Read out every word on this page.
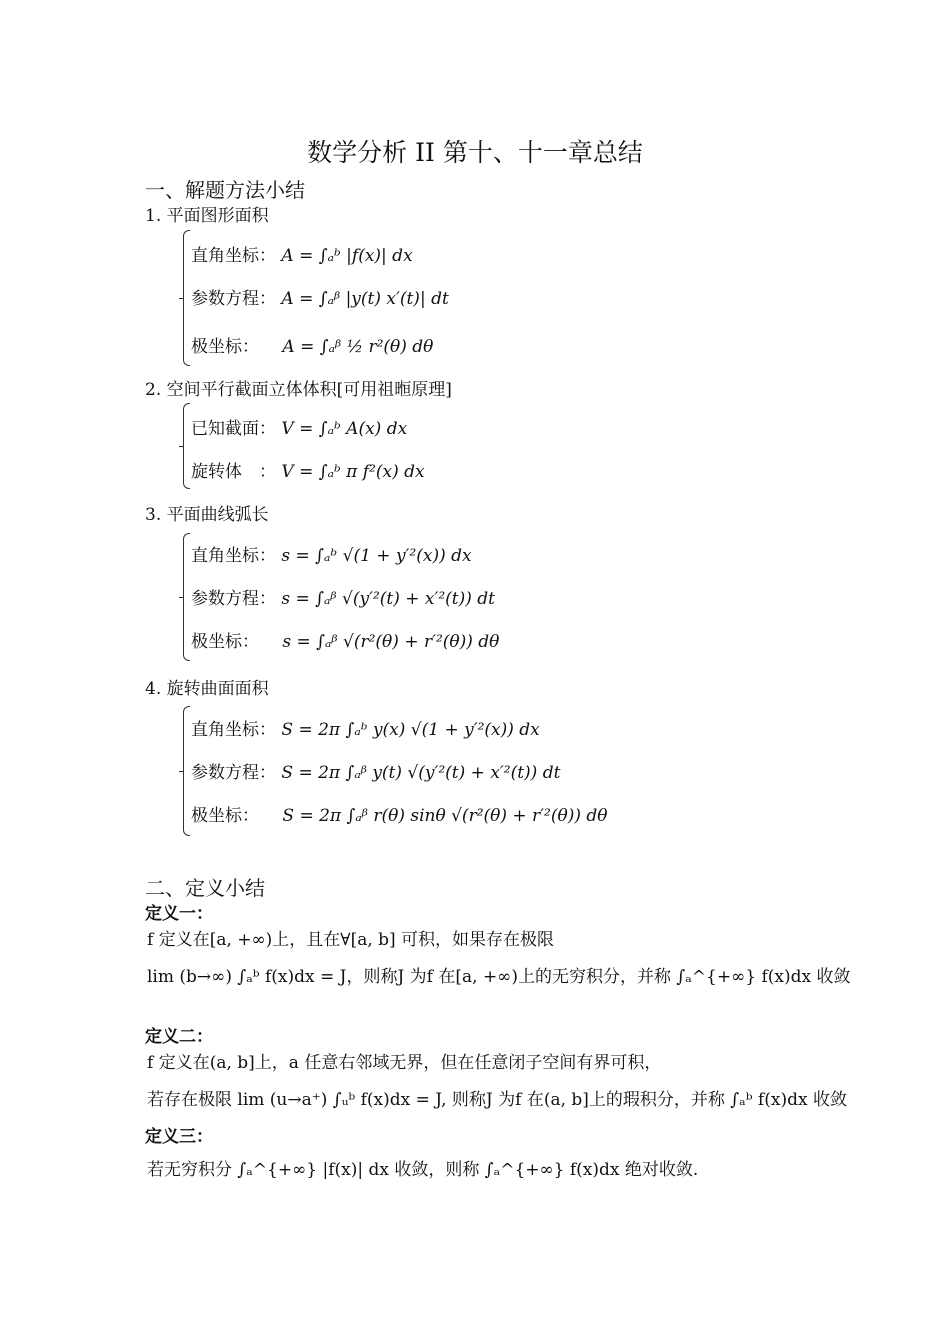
数学分析 II 第十、十一章总结
一、解题方法小结
1. 平面图形面积
直角坐标： A = ∫ₐᵇ |f(x)| dx
参数方程： A = ∫ₐᵝ |y(t) x′(t)| dt
极坐标： A = ∫ₐᵝ ½ r²(θ) dθ
2. 空间平行截面立体体积[可用祖暅原理]
已知截面： V = ∫ₐᵇ A(x) dx
旋转体　： V = ∫ₐᵇ π f²(x) dx
3. 平面曲线弧长
直角坐标： s = ∫ₐᵇ √(1 + y′²(x)) dx
参数方程： s = ∫ₐᵝ √(y′²(t) + x′²(t)) dt
极坐标： s = ∫ₐᵝ √(r²(θ) + r′²(θ)) dθ
4. 旋转曲面面积
直角坐标： S = 2π ∫ₐᵇ y(x) √(1 + y′²(x)) dx
参数方程： S = 2π ∫ₐᵝ y(t) √(y′²(t) + x′²(t)) dt
极坐标： S = 2π ∫ₐᵝ r(θ) sinθ √(r²(θ) + r′²(θ)) dθ
二、定义小结
定义一：
f 定义在[a, +∞)上，且在∀[a, b] 可积，如果存在极限
lim (b→∞) ∫ₐᵇ f(x)dx = J，则称J 为f 在[a, +∞)上的无穷积分，并称 ∫ₐ^{+∞} f(x)dx 收敛
定义二：
f 定义在(a, b]上，a 任意右邻域无界，但在任意闭子空间有界可积，
若存在极限 lim (u→a⁺) ∫ᵤᵇ f(x)dx = J, 则称J 为f 在(a, b]上的瑕积分，并称 ∫ₐᵇ f(x)dx 收敛
定义三：
若无穷积分 ∫ₐ^{+∞} |f(x)| dx 收敛，则称 ∫ₐ^{+∞} f(x)dx 绝对收敛.
